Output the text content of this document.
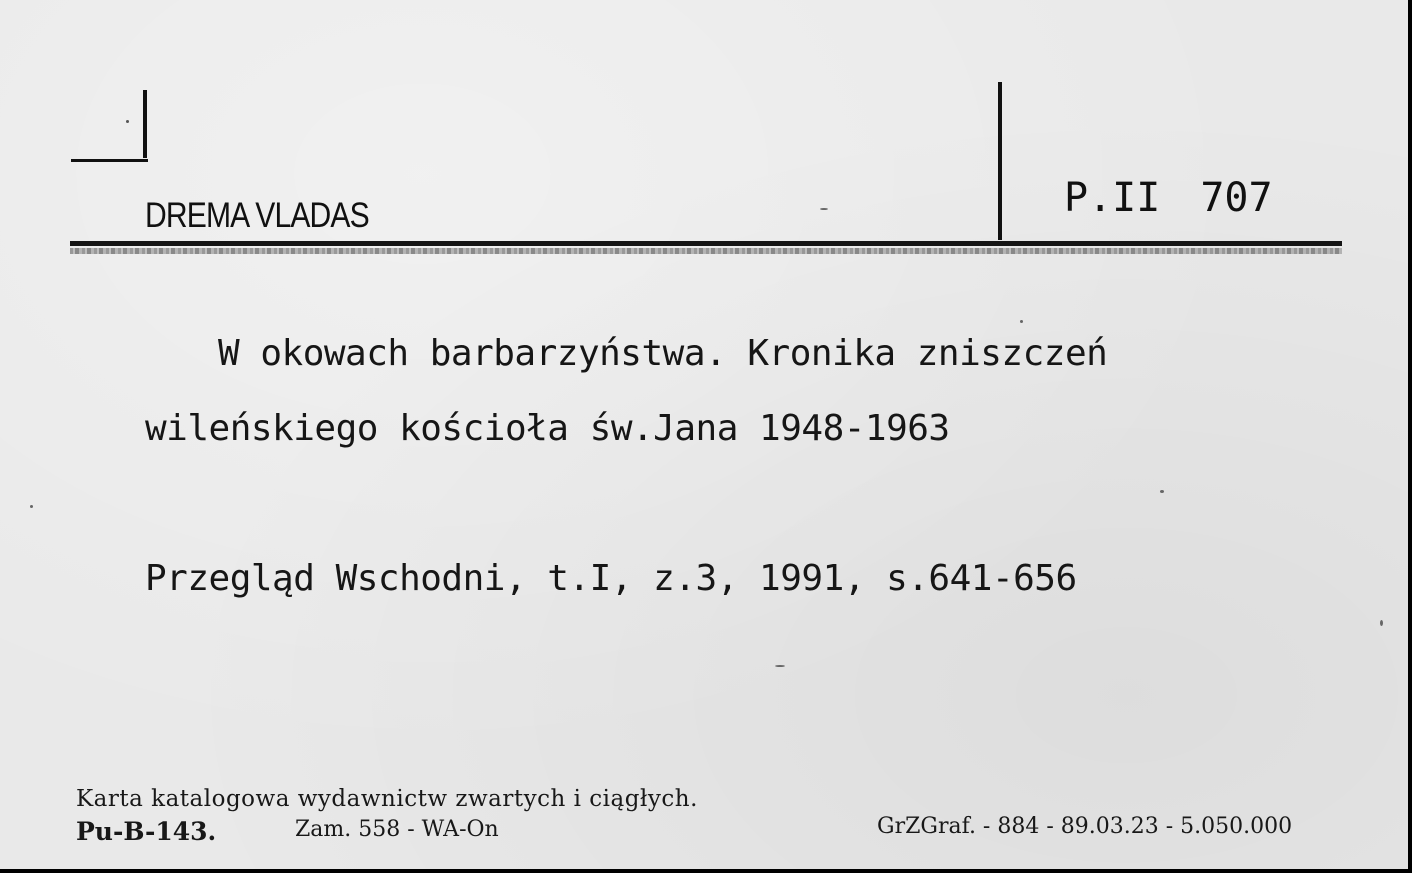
DREMA VLADAS	P.II 707
W okowach barbarzyństwa. Kronika zniszczeń
wileńskiego kościoła św.Jana 1948-1963
Przegląd Wschodni, t.I, z.3, 1991, s.641-656
Karta katalogowa wydawnictw zwartych i ciągłych.
Pu-B-143.	Zam. 558 - WA-On	GrZGraf. - 884 - 89.03.23 - 5.050.000
